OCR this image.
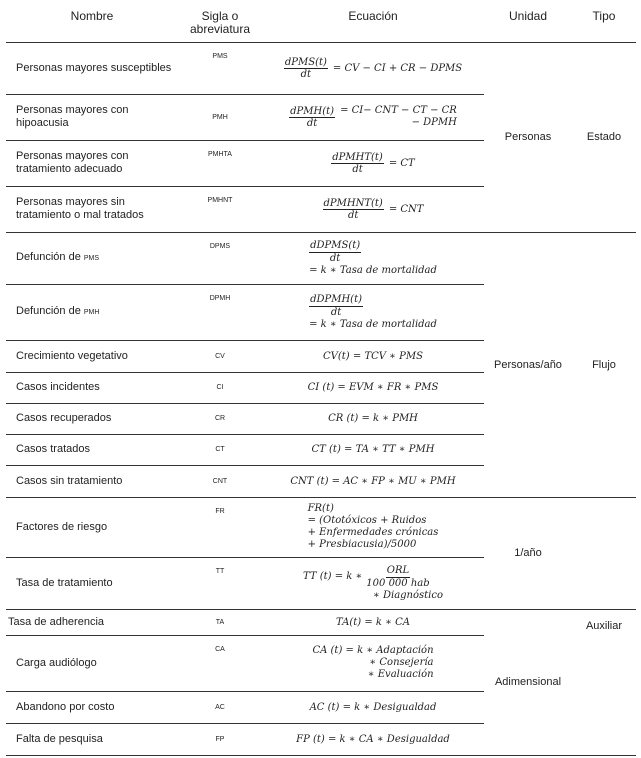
Nombre	Sigla o abreviatura	Ecuación	Unidad	Tipo
Personas mayores susceptibles	PMS	$\frac{\text{dPMS(t)}}{dt}$ = CV − CI + CR − DPMS	Personas	Estado
Personas mayores con hipoacusia	PMH	$\frac{\text{dPMH(t)}}{dt} = CI-$ CNT − CT − CR
− DPMH		

Personas mayores con tratamiento adecuado	PMHTA	$\frac{\text{dPMHT(t)}}{dt}$ = CT		

Personas mayores sin tratamiento o mal tratados	PMHNT	$\frac{\text{dPMHNT(t)}}{dt}$ = CNT		

Defunción de PMS	DPMS	$\frac{\text{dDPMS(t)}}{dt}$

= k ∗ Tasa de mortalidad	Personas/año	Flujo
Defunción de PMH	DPMH	$\frac{\text{dDPMH(t)}}{dt}$

= k ∗ Tasa de mortalidad		
Crecimiento vegetativo	CV	CV(t) = TCV ∗ PMS		
Casos incidentes	CI	CI (t) = EVM ∗ FR ∗ PMS		
Casos recuperados	CR	CR (t) = k ∗ PMH		
Casos tratados	CT	CT (t) = TA ∗ TT ∗ PMH		
Casos sin tratamiento	CNT	CNT (t) = AC ∗ FP ∗ MU ∗ PMH		
Factores de riesgo	FR	FR(t)
= (Ototóxicos + Ruidos
+ Enfermedades crónicas
+ Presbiacusia)/5000	1/año	
Tasa de tratamiento	TT	TT (t) = k ∗ $\frac{\text{ORL}}{\text{100 000 hab}}$

∗ Diagnóstico		
Tasa de adherencia	TA	TA(t) = k ∗ CA	Adimensional	Auxiliar
Carga audiólogo	CA	CA (t) = k ∗ Adaptación
∗ Consejería
∗ Evaluación		
Abandono por costo	AC	AC (t) = k ∗ Desigualdad		
Falta de pesquisa	FP	FP (t) = k ∗ CA ∗ Desigualdad		
